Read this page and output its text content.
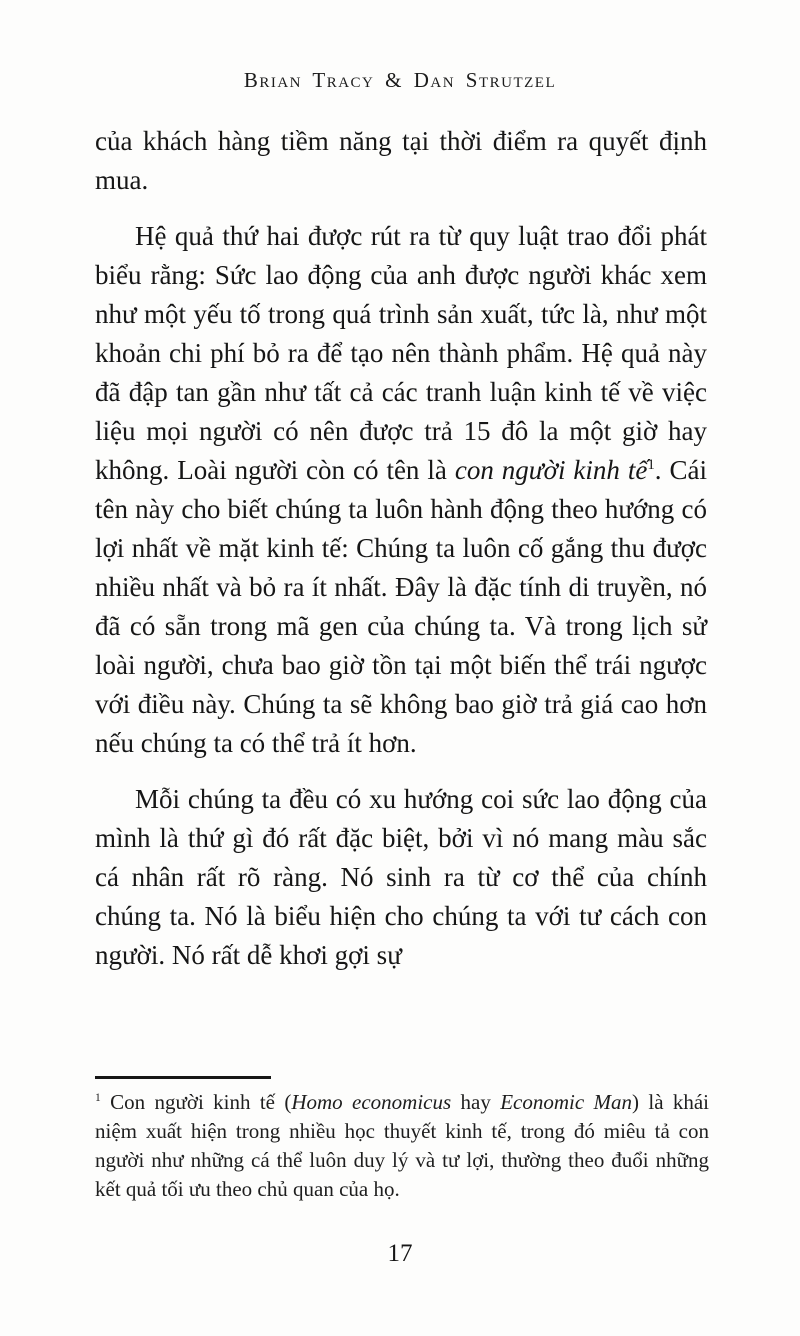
Brian Tracy & Dan Strutzel

của khách hàng tiềm năng tại thời điểm ra quyết định mua.

Hệ quả thứ hai được rút ra từ quy luật trao đổi phát biểu rằng: Sức lao động của anh được người khác xem như một yếu tố trong quá trình sản xuất, tức là, như một khoản chi phí bỏ ra để tạo nên thành phẩm. Hệ quả này đã đập tan gần như tất cả các tranh luận kinh tế về việc liệu mọi người có nên được trả 15 đô la một giờ hay không. Loài người còn có tên là con người kinh tế$^1$. Cái tên này cho biết chúng ta luôn hành động theo hướng có lợi nhất về mặt kinh tế: Chúng ta luôn cố gắng thu được nhiều nhất và bỏ ra ít nhất. Đây là đặc tính di truyền, nó đã có sẵn trong mã gen của chúng ta. Và trong lịch sử loài người, chưa bao giờ tồn tại một biến thể trái ngược với điều này. Chúng ta sẽ không bao giờ trả giá cao hơn nếu chúng ta có thể trả ít hơn.

Mỗi chúng ta đều có xu hướng coi sức lao động của mình là thứ gì đó rất đặc biệt, bởi vì nó mang màu sắc cá nhân rất rõ ràng. Nó sinh ra từ cơ thể của chính chúng ta. Nó là biểu hiện cho chúng ta với tư cách con người. Nó rất dễ khơi gợi sự

$^1$ Con người kinh tế (Homo economicus hay Economic Man) là khái niệm xuất hiện trong nhiều học thuyết kinh tế, trong đó miêu tả con người như những cá thể luôn duy lý và tư lợi, thường theo đuổi những kết quả tối ưu theo chủ quan của họ.

17
